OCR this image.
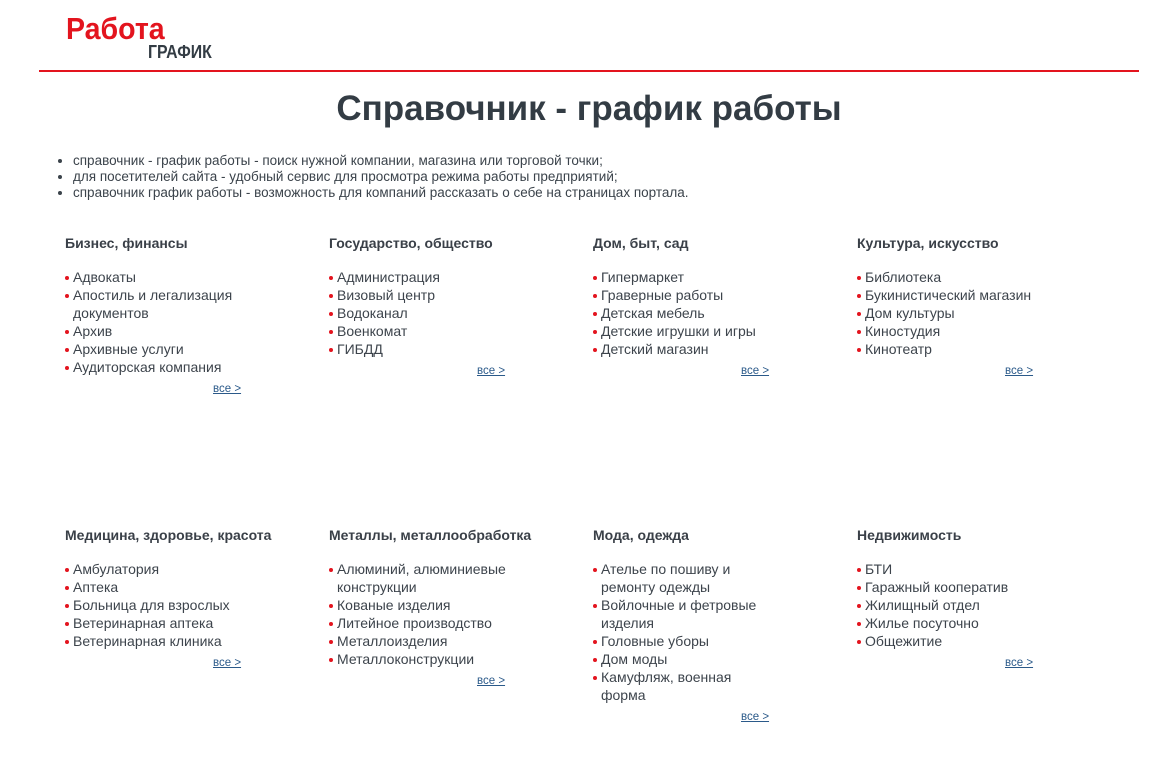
Работа
ГРАФИК
Справочник - график работы
• справочник - график работы - поиск нужной компании, магазина или торговой точки;
• для посетителей сайта - удобный сервис для просмотра режима работы предприятий;
• справочник график работы - возможность для компаний рассказать о себе на страницах портала.
Бизнес, финансы
Адвокаты
Апостиль и легализация документов
Архив
Архивные услуги
Аудиторская компания
все >
Государство, общество
Администрация
Визовый центр
Водоканал
Военкомат
ГИБДД
все >
Дом, быт, сад
Гипермаркет
Граверные работы
Детская мебель
Детские игрушки и игры
Детский магазин
все >
Культура, искусство
Библиотека
Букинистический магазин
Дом культуры
Киностудия
Кинотеатр
все >
Медицина, здоровье, красота
Амбулатория
Аптека
Больница для взрослых
Ветеринарная аптека
Ветеринарная клиника
все >
Металлы, металлообработка
Алюминий, алюминиевые конструкции
Кованые изделия
Литейное производство
Металлоизделия
Металлоконструкции
все >
Мода, одежда
Ателье по пошиву и ремонту одежды
Войлочные и фетровые изделия
Головные уборы
Дом моды
Камуфляж, военная форма
все >
Недвижимость
БТИ
Гаражный кооператив
Жилищный отдел
Жилье посуточно
Общежитие
все >
